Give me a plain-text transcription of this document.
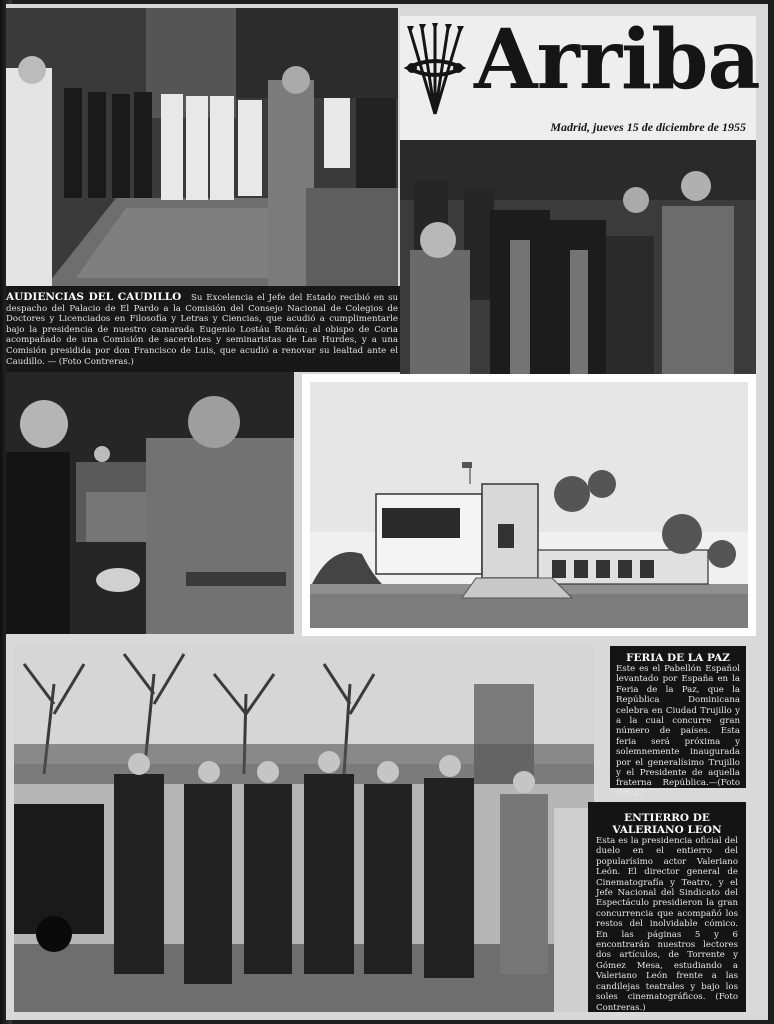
AUDIENCIAS DEL CAUDILLO Su Excelencia el Jefe del Estado recibió en su despacho del Palacio de El Pardo a la Comisión del Consejo Nacional de Colegios de Doctores y Licenciados en Filosofía y Letras y Ciencias, que acudió a cumplimentarle bajo la presidencia de nuestro camarada Eugenio Lostáu Román; al obispo de Coria acompañado de una Comisión de sacerdotes y seminaristas de Las Hurdes, y a una Comisión presidida por don Francisco de Luis, que acudió a renovar su lealtad ante el Caudillo. — (Foto Contreras.)
Arriba
Madrid, jueves 15 de diciembre de 1955
FERIA DE LA PAZ
Este es el Pabellón Español levantado por España en la Feria de la Paz, que la República Dominicana celebra en Ciudad Trujillo y a la cual concurre gran número de países. Esta feria será próxima y solemnemente inaugurada por el generalísimo Trujillo y el Presidente de aquella fraterna República.—(Foto Cifra.)
ENTIERRO DE VALERIANO LEON
Esta es la presidencia oficial del duelo en el entierro del popularísimo actor Valeriano León. El director general de Cinematografía y Teatro, y el Jefe Nacional del Sindicato del Espectáculo presidieron la gran concurrencia que acompañó los restos del inolvidable cómico. En las páginas 5 y 6 encontrarán nuestros lectores dos artículos, de Torrente y Gómez Mesa, estudiando a Valeriano León frente a las candilejas teatrales y bajo los soles cinematográficos. (Foto Contreras.)
